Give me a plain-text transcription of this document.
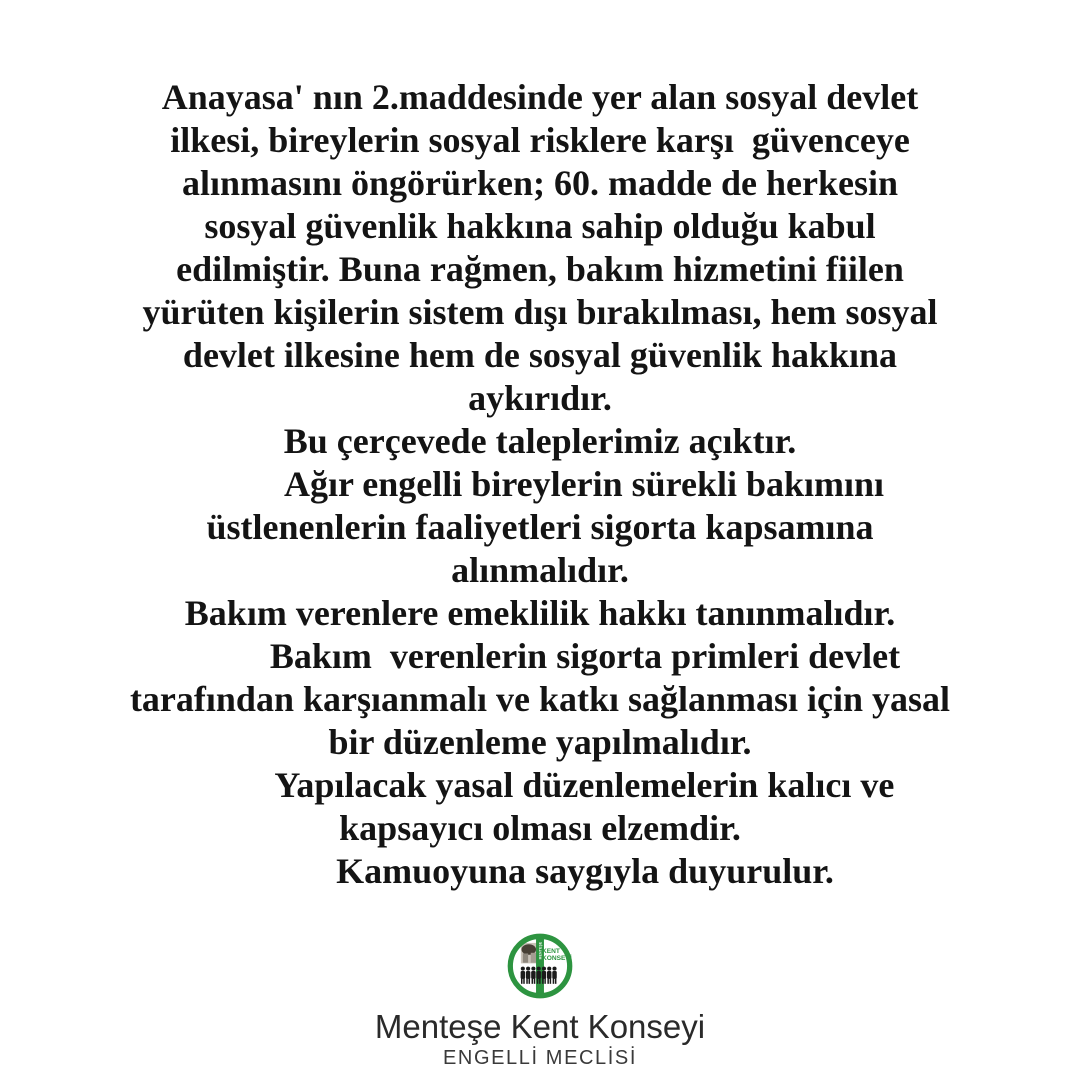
Anayasa' nın 2.maddesinde yer alan sosyal devlet
ilkesi, bireylerin sosyal risklere karşı  güvenceye
alınmasını öngörürken; 60. madde de herkesin
sosyal güvenlik hakkına sahip olduğu kabul
edilmiştir. Buna rağmen, bakım hizmetini fiilen
yürüten kişilerin sistem dışı bırakılması, hem sosyal
devlet ilkesine hem de sosyal güvenlik hakkına
aykırıdır.
Bu çerçevede taleplerimiz açıktır.
Ağır engelli bireylerin sürekli bakımını
üstlenenlerin faaliyetleri sigorta kapsamına
alınmalıdır.
Bakım verenlere emeklilik hakkı tanınmalıdır.
Bakım  verenlerin sigorta primleri devlet
tarafından karşıanmalı ve katkı sağlanması için yasal
bir düzenleme yapılmalıdır.
Yapılacak yasal düzenlemelerin kalıcı ve
kapsayıcı olması elzemdir.
Kamuoyuna saygıyla duyurulur.
MENTEŞE KENT
KONSEYİ
Menteşe Kent Konseyi
ENGELLİ MECLİSİ
